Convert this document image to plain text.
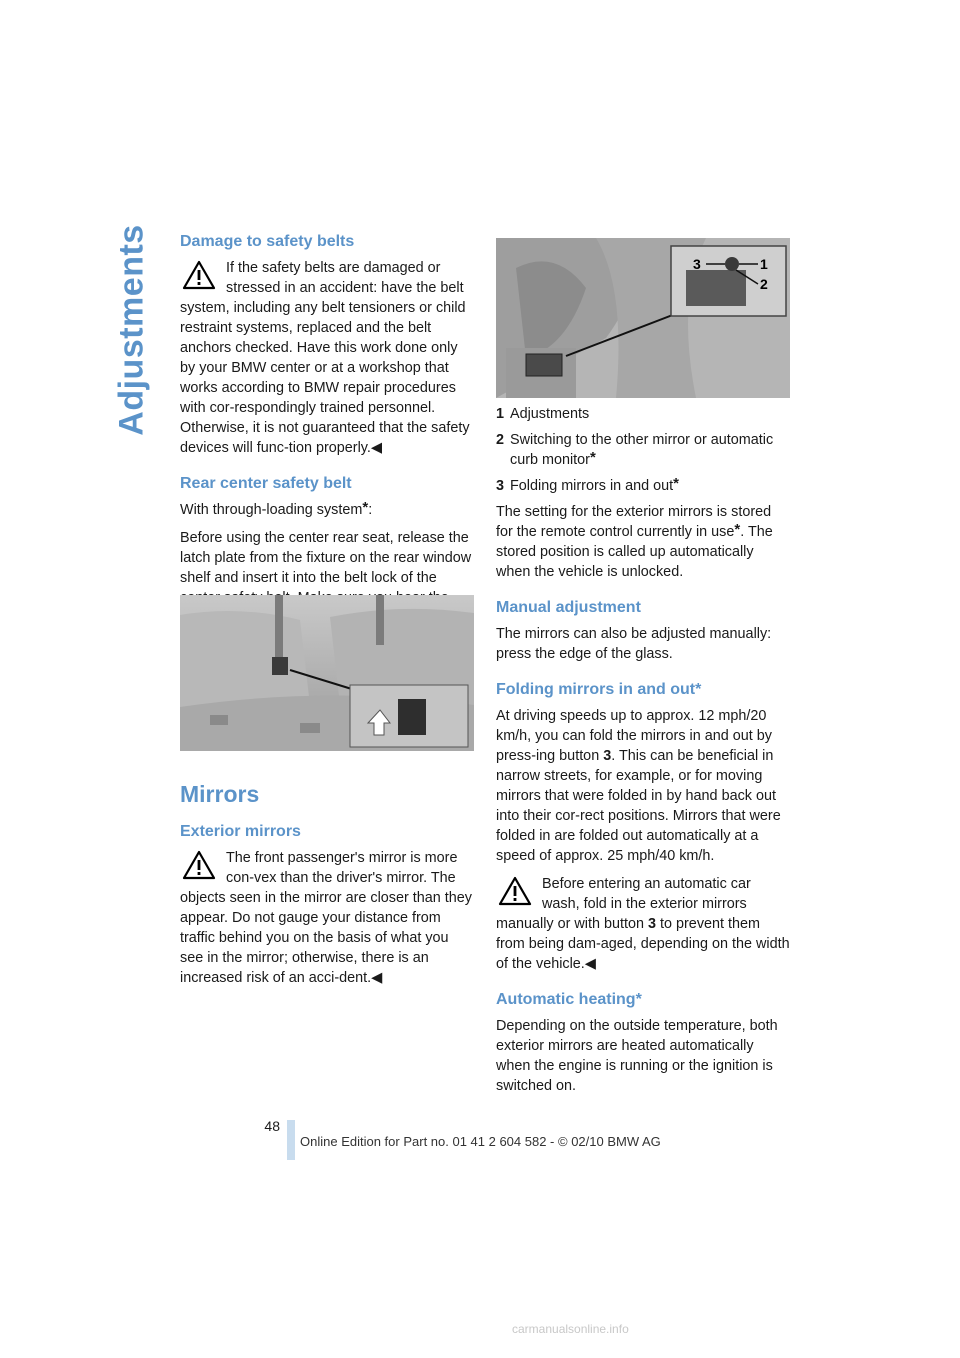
Adjustments Damage to safety belts
If the safety belts are damaged or stressed in an accident: have the belt system, including any belt tensioners or child restraint systems, replaced and the belt anchors checked. Have this work done only by your BMW center or at a workshop that works according to BMW repair procedures with cor-respondingly trained personnel. Otherwise, it is not guaranteed that the safety devices will func-tion properly.◀
Rear center safety belt

With through-loading system*:

Before using the center rear seat, release the latch plate from the fixture on the rear window shelf and insert it into the belt lock of the

Mirrors
Exterior mirrors
The front passenger's mirror is more con-vex than the driver's mirror. The objects seen in the mirror are closer than they appear. Do not gauge your distance from traffic behind you on the basis of what you see in the mirror; otherwise, there is an increased risk of an acci-dent.◀
1
2
3
1 Adjustments
2 Switching to the other mirror or automatic curb monitor*
3 Folding mirrors in and out*

The setting for the exterior mirrors is stored for the remote control currently in use*. The stored position is called up automatically when the vehicle is unlocked.

Manual adjustment

The mirrors can also be adjusted manually: press the edge of the glass.

Folding mirrors in and out*

At driving speeds up to approx. 12 mph/20 km/h, you can fold the mirrors in and out by press-ing button 3. This can be beneficial in narrow streets, for example, or for moving mirrors that were folded in by hand back out into their cor-rect positions. Mirrors that were folded in are folded out automatically at a speed of approx. 25 mph/40 km/h.

Before entering an automatic car wash, fold in the exterior mirrors manually or with button 3 to prevent them from being dam-aged, depending on the width of the vehicle.◀
Automatic heating*

Depending on the outside temperature, both exterior mirrors are heated automatically when the engine is running or the ignition is switched on.

48
Online Edition for Part no. 01 41 2 604 582 - © 02/10 BMW AG
carmanualsonline.info
